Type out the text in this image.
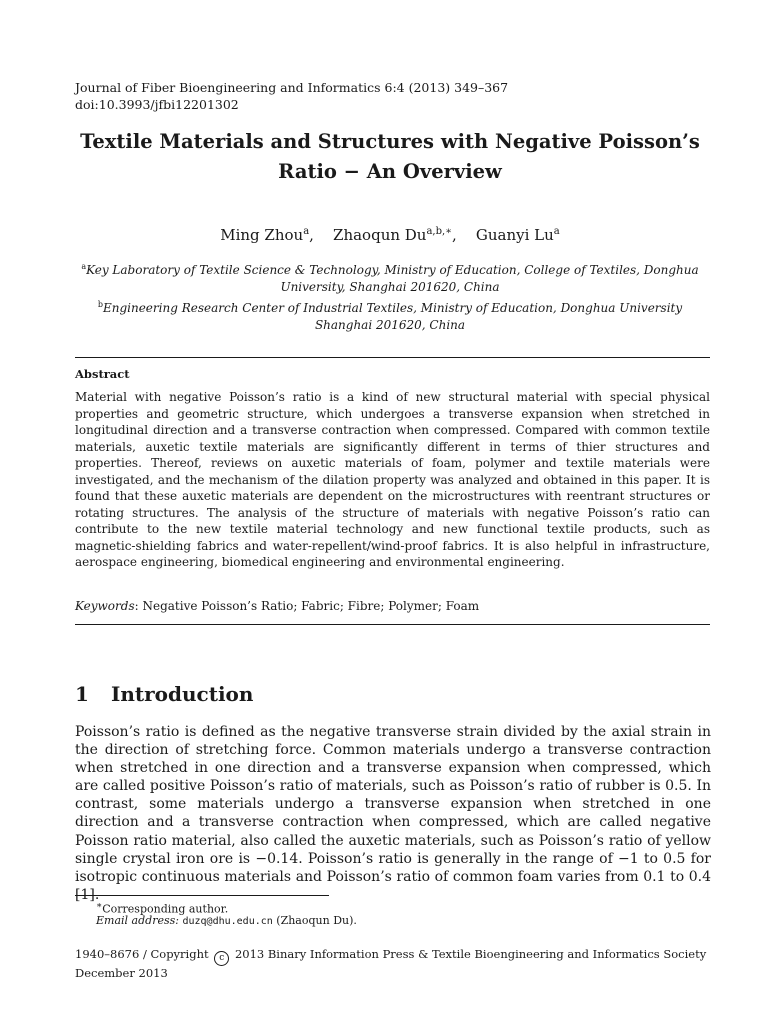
Journal of Fiber Bioengineering and Informatics 6:4 (2013) 349–367
doi:10.3993/jfbi12201302
Textile Materials and Structures with Negative Poisson’s
Ratio − An Overview
Ming Zhou$^a$, Zhaoqun $Du^{a,b,∗}$, Guanyi Lu$^a$
$^a$Key Laboratory of Textile Science & Technology, Ministry of Education, College of Textiles, Donghua
University, Shanghai 201620, China
$^b$Engineering Research Center of Industrial Textiles, Ministry of Education, Donghua University
Shanghai 201620, China
Abstract
Material with negative Poisson’s ratio is a kind of new structural material with special physical properties and geometric structure, which undergoes a transverse expansion when stretched in longitudinal direction and a transverse contraction when compressed. Compared with common textile materials, auxetic textile materials are significantly different in terms of thier structures and properties. Thereof, reviews on auxetic materials of foam, polymer and textile materials were investigated, and the mechanism of the dilation property was analyzed and obtained in this paper. It is found that these auxetic materials are dependent on the microstructures with reentrant structures or rotating structures. The analysis of the structure of materials with negative Poisson’s ratio can contribute to the new textile material technology and new functional textile products, such as magnetic-shielding fabrics and water-repellent/wind-proof fabrics. It is also helpful in infrastructure, aerospace engineering, biomedical engineering and environmental engineering.
Keywords: Negative Poisson’s Ratio; Fabric; Fibre; Polymer; Foam
1 Introduction
Poisson’s ratio is defined as the negative transverse strain divided by the axial strain in the direction of stretching force. Common materials undergo a transverse contraction when stretched in one direction and a transverse expansion when compressed, which are called positive Poisson’s ratio of materials, such as Poisson’s ratio of rubber is 0.5. In contrast, some materials undergo a transverse expansion when stretched in one direction and a transverse contraction when compressed, which are called negative Poisson ratio material, also called the auxetic materials, such as Poisson’s ratio of yellow single crystal iron ore is −0.14. Poisson’s ratio is generally in the range of −1 to 0.5 for isotropic continuous materials and Poisson’s ratio of common foam varies from 0.1 to 0.4 [1].
∗Corresponding author.
Email address: duzq@dhu.edu.cn (Zhaoqun Du).
1940–8676 / Copyright c 2013 Binary Information Press & Textile Bioengineering and Informatics Society
December 2013
